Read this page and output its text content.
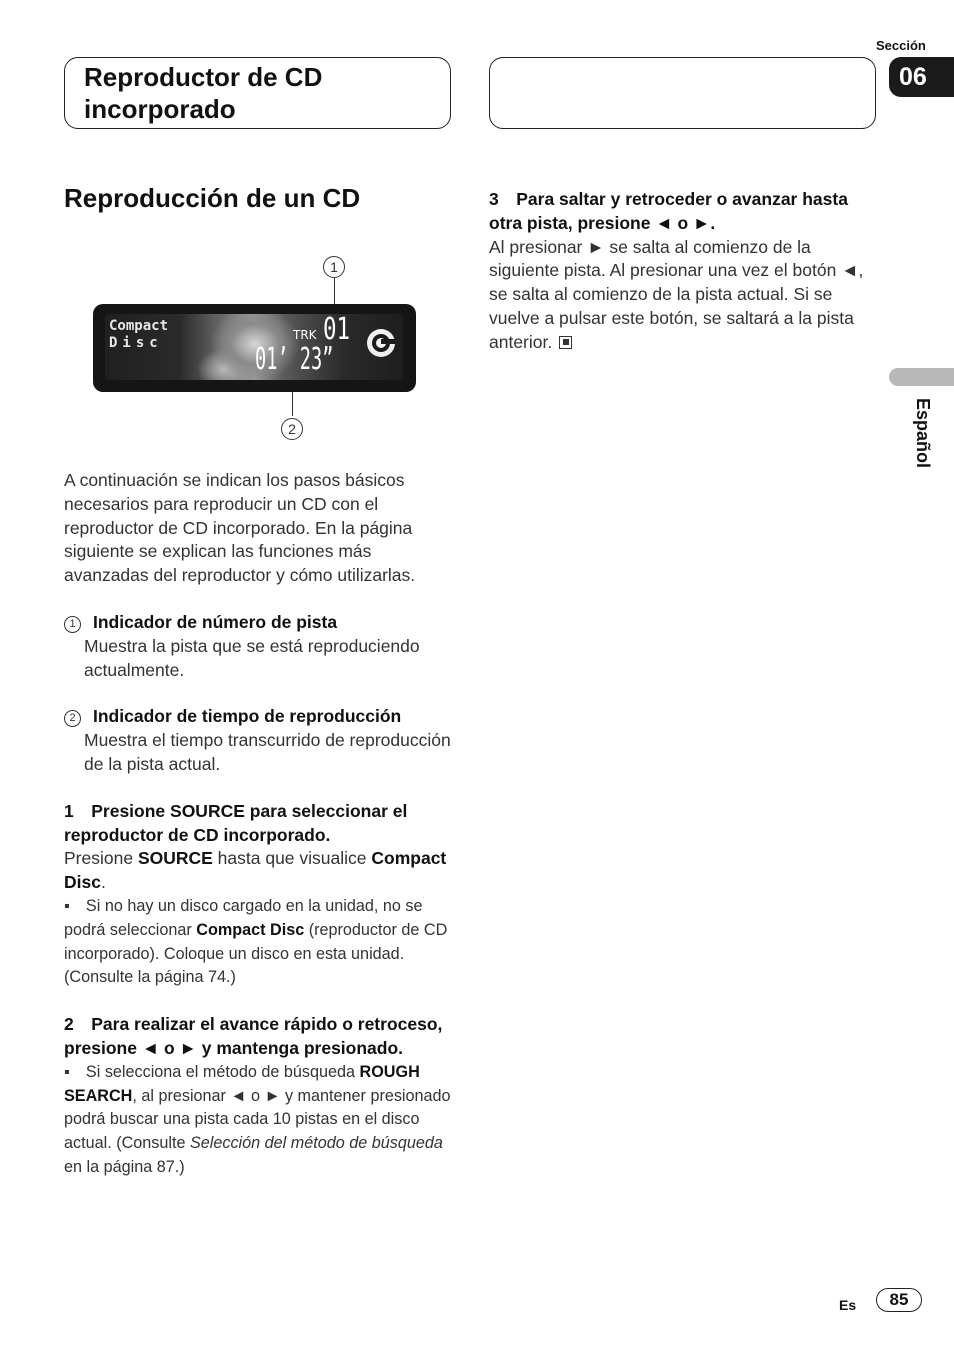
Reproductor de CD incorporado
Sección
06
Español
Reproducción de un CD
1
2
Compact
Disc	TRK 01
01’ 23”

A continuación se indican los pasos básicos necesarios para reproducir un CD con el reproductor de CD incorporado. En la página siguiente se explican las funciones más avanzadas del reproductor y cómo utilizarlas.

1 Indicador de número de pista

Muestra la pista que se está reproduciendo actualmente.

2 Indicador de tiempo de reproducción

Muestra el tiempo transcurrido de reproducción de la pista actual.

1 Presione SOURCE para seleccionar el reproductor de CD incorporado.

Presione SOURCE hasta que visualice Compact Disc.

▪ Si no hay un disco cargado en la unidad, no se podrá seleccionar Compact Disc (reproductor de CD incorporado). Coloque un disco en esta unidad. (Consulte la página 74.)

2 Para realizar el avance rápido o retroceso, presione ◄ o ► y mantenga presionado.

▪ Si selecciona el método de búsqueda ROUGH SEARCH, al presionar ◄ o ► y mantener presionado podrá buscar una pista cada 10 pistas en el disco actual. (Consulte Selección del método de búsqueda en la página 87.)

3 Para saltar y retroceder o avanzar hasta otra pista, presione ◄ o ►.

Al presionar ► se salta al comienzo de la siguiente pista. Al presionar una vez el botón ◄, se salta al comienzo de la pista actual. Si se vuelve a pulsar este botón, se saltará a la pista anterior.

Es	85
